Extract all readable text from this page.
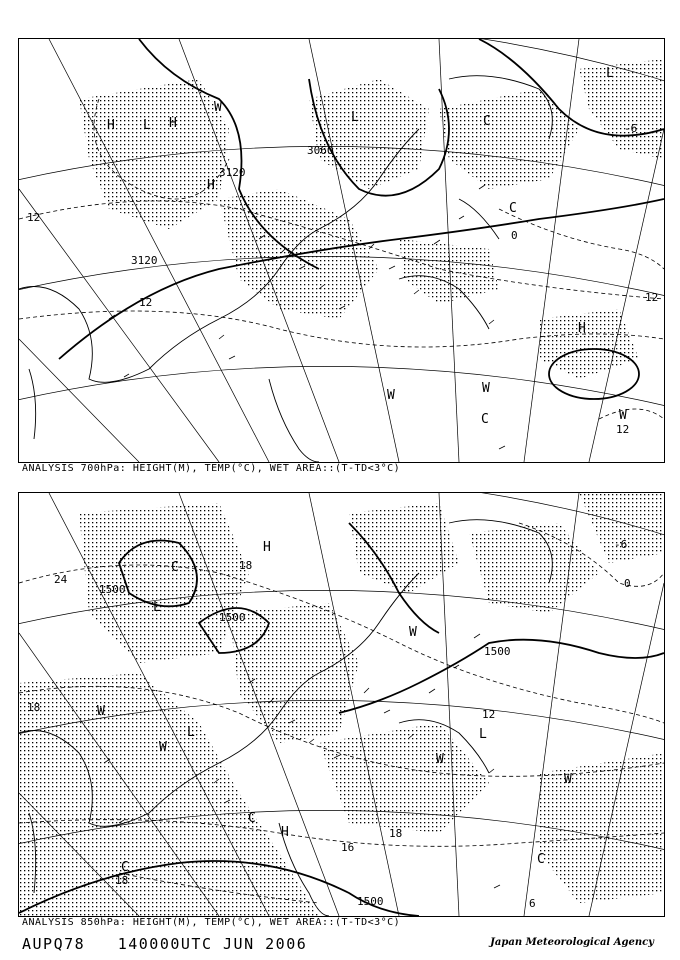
3120
3060
3120
12
12	12
-6
0
12
H L H	L	C
H
H
L
C
W
W	W
C	W
ANALYSIS 700hPa: HEIGHT(M), TEMP(°C), WET AREA::(T-TD<3°C)
1500
1500
1500
1500
24
18
18
18
18
16
12
0
-6
6
H
L
C
W
L
W
C
H
W
L
C
W
C
W
ANALYSIS 850hPa: HEIGHT(M), TEMP(°C), WET AREA::(T-TD<3°C)
AUPQ78 140000UTC JUN 2006	Japan Meteorological Agency
